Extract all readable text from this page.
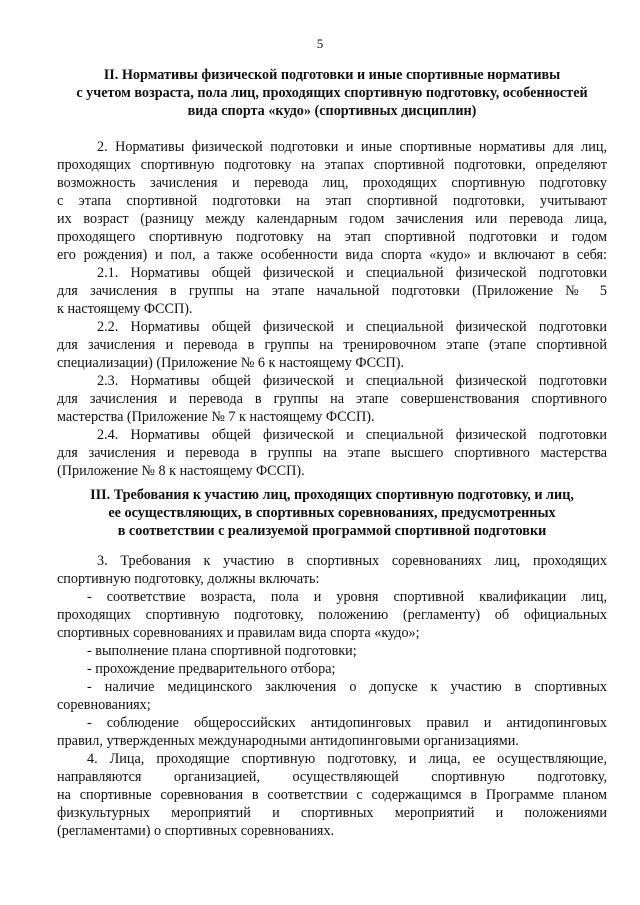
5
II. Нормативы физической подготовки и иные спортивные нормативы
с учетом возраста, пола лиц, проходящих спортивную подготовку, особенностей
вида спорта «кудо» (спортивных дисциплин)
2. Нормативы физической подготовки и иные спортивные нормативы для лиц,
проходящих спортивную подготовку на этапах спортивной подготовки, определяют
возможность зачисления и перевода лиц, проходящих спортивную подготовку
с этапа спортивной подготовки на этап спортивной подготовки, учитывают
их возраст (разницу между календарным годом зачисления или перевода лица,
проходящего спортивную подготовку на этап спортивной подготовки и годом
его рождения) и пол, а также особенности вида спорта «кудо» и включают в себя:
2.1. Нормативы общей физической и специальной физической подготовки
для зачисления в группы на этапе начальной подготовки (Приложение № 5
к настоящему ФССП).
2.2. Нормативы общей физической и специальной физической подготовки
для зачисления и перевода в группы на тренировочном этапе (этапе спортивной
специализации) (Приложение № 6 к настоящему ФССП).
2.3. Нормативы общей физической и специальной физической подготовки
для зачисления и перевода в группы на этапе совершенствования спортивного
мастерства (Приложение № 7 к настоящему ФССП).
2.4. Нормативы общей физической и специальной физической подготовки
для зачисления и перевода в группы на этапе высшего спортивного мастерства
(Приложение № 8 к настоящему ФССП).
III. Требования к участию лиц, проходящих спортивную подготовку, и лиц,
ее осуществляющих, в спортивных соревнованиях, предусмотренных
в соответствии с реализуемой программой спортивной подготовки
3. Требования к участию в спортивных соревнованиях лиц, проходящих
спортивную подготовку, должны включать:
- соответствие возраста, пола и уровня спортивной квалификации лиц,
проходящих спортивную подготовку, положению (регламенту) об официальных
спортивных соревнованиях и правилам вида спорта «кудо»;
- выполнение плана спортивной подготовки;
- прохождение предварительного отбора;
- наличие медицинского заключения о допуске к участию в спортивных
соревнованиях;
- соблюдение общероссийских антидопинговых правил и антидопинговых
правил, утвержденных международными антидопинговыми организациями.
4. Лица, проходящие спортивную подготовку, и лица, ее осуществляющие,
направляются организацией, осуществляющей спортивную подготовку,
на спортивные соревнования в соответствии с содержащимся в Программе планом
физкультурных мероприятий и спортивных мероприятий и положениями
(регламентами) о спортивных соревнованиях.
